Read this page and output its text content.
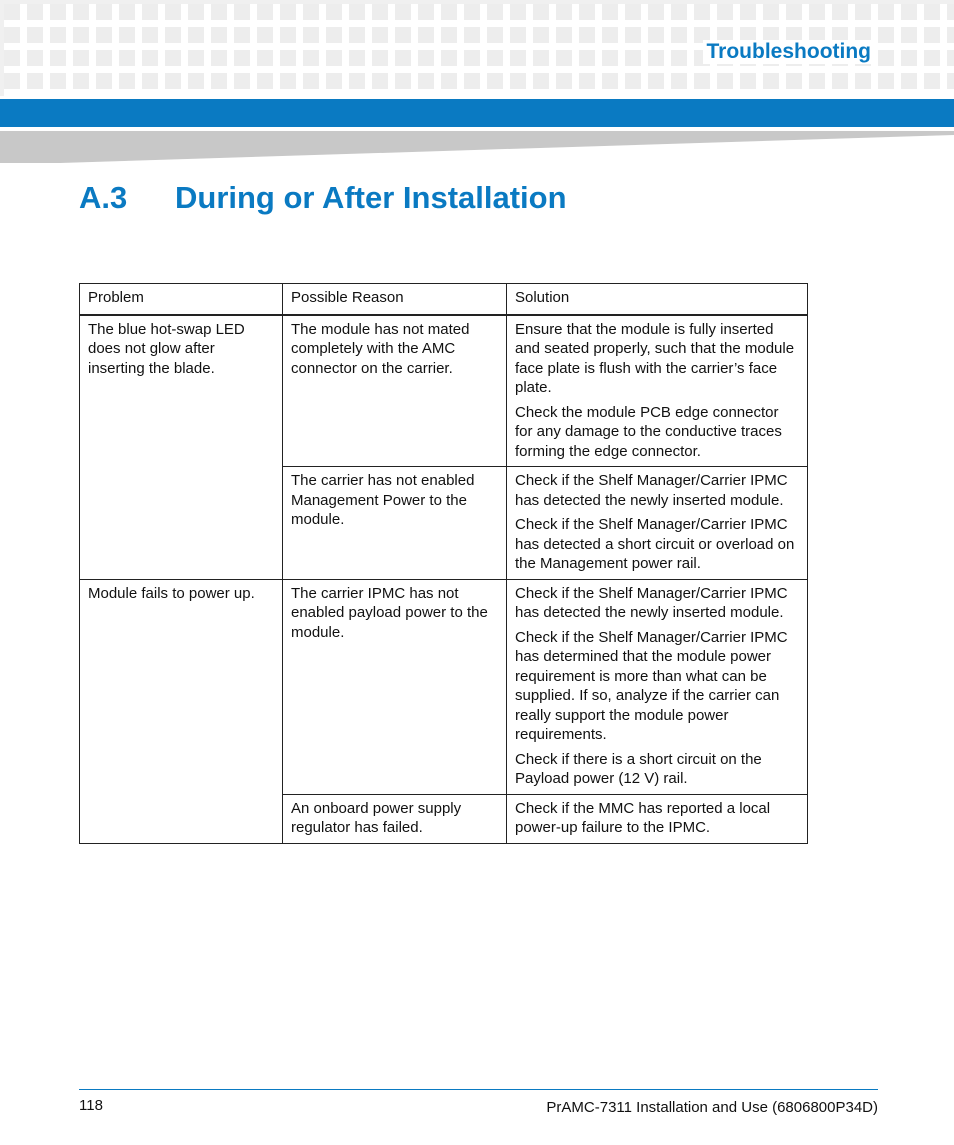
Troubleshooting
A.3 During or After Installation
Problem	Possible Reason	Solution
The blue hot-swap LED does not glow after inserting the blade.	The module has not mated completely with the AMC connector on the carrier.	Ensure that the module is fully inserted and seated properly, such that the module face plate is flush with the carrier’s face plate.

Check the module PCB edge connector for any damage to the conductive traces forming the edge connector.

	The carrier has not enabled Management Power to the module.	Check if the Shelf Manager/Carrier IPMC has detected the newly inserted module.

Check if the Shelf Manager/Carrier IPMC has detected a short circuit or overload on the Management power rail.

Module fails to power up.	The carrier IPMC has not enabled payload power to the module.	Check if the Shelf Manager/Carrier IPMC has detected the newly inserted module.

Check if the Shelf Manager/Carrier IPMC has determined that the module power requirement is more than what can be supplied. If so, analyze if the carrier can really support the module power requirements.

Check if there is a short circuit on the Payload power (12 V) rail.

	An onboard power supply regulator has failed.	Check if the MMC has reported a local power-up failure to the IPMC.

118	PrAMC-7311 Installation and Use (6806800P34D)
